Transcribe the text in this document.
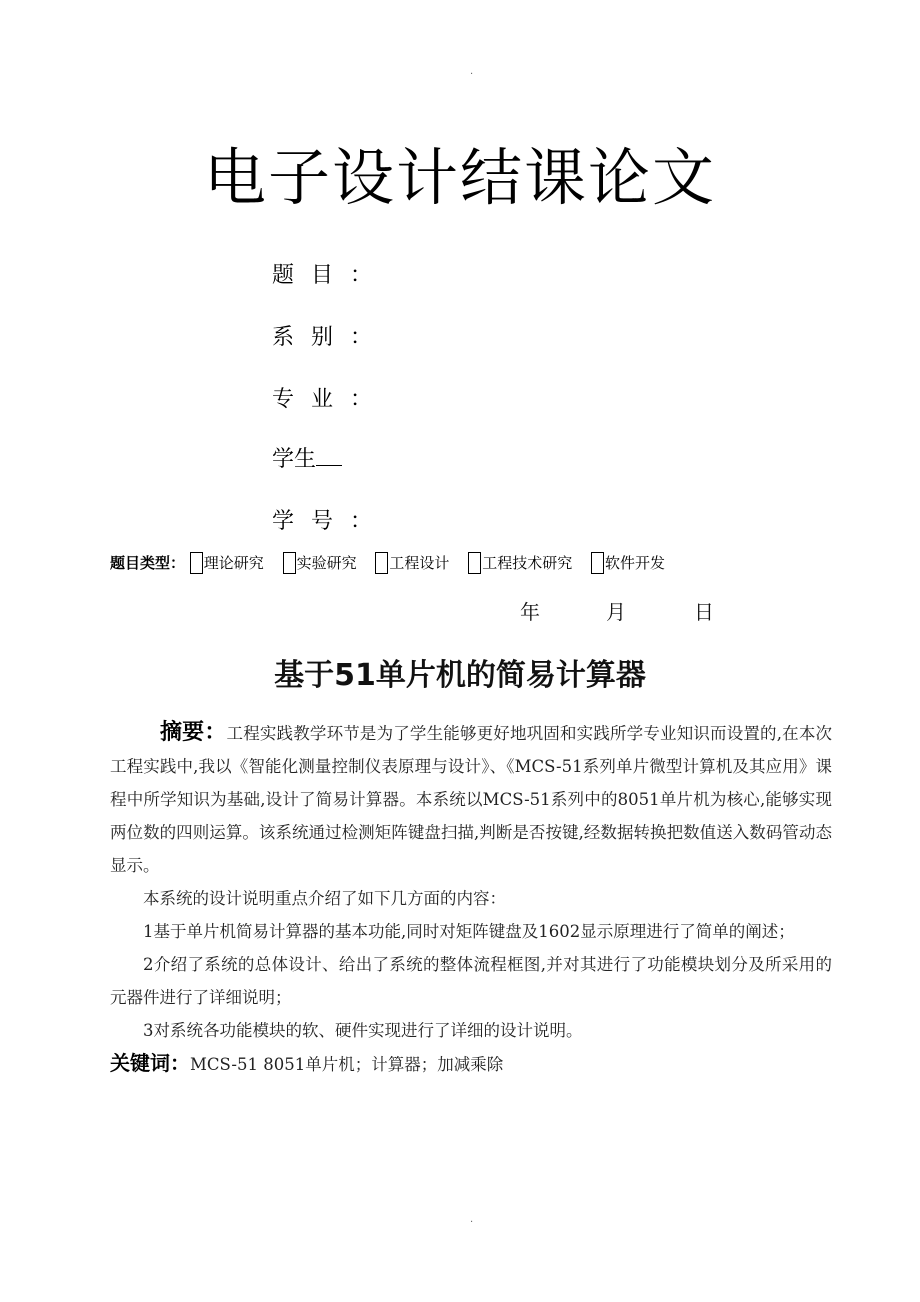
.
电子设计结课论文
题目：
系别：
专业：
学生
学号：
题目类型： 理论研究 实验研究 工程设计 工程技术研究 软件开发
年	月	日
基于51单片机的简易计算器

摘要：工程实践教学环节是为了学生能够更好地巩固和实践所学专业知识而设置的,在本次工程实践中,我以《智能化测量控制仪表原理与设计》、《MCS-51系列单片微型计算机及其应用》课程中所学知识为基础,设计了简易计算器。本系统以MCS-51系列中的8051单片机为核心,能够实现两位数的四则运算。该系统通过检测矩阵键盘扫描,判断是否按键,经数据转换把数值送入数码管动态显示。

本系统的设计说明重点介绍了如下几方面的内容：

1基于单片机简易计算器的基本功能,同时对矩阵键盘及1602显示原理进行了简单的阐述；

2介绍了系统的总体设计、给出了系统的整体流程框图,并对其进行了功能模块划分及所采用的元器件进行了详细说明；

3对系统各功能模块的软、硬件实现进行了详细的设计说明。

关键词：MCS-51 8051单片机；计算器；加减乘除

.
